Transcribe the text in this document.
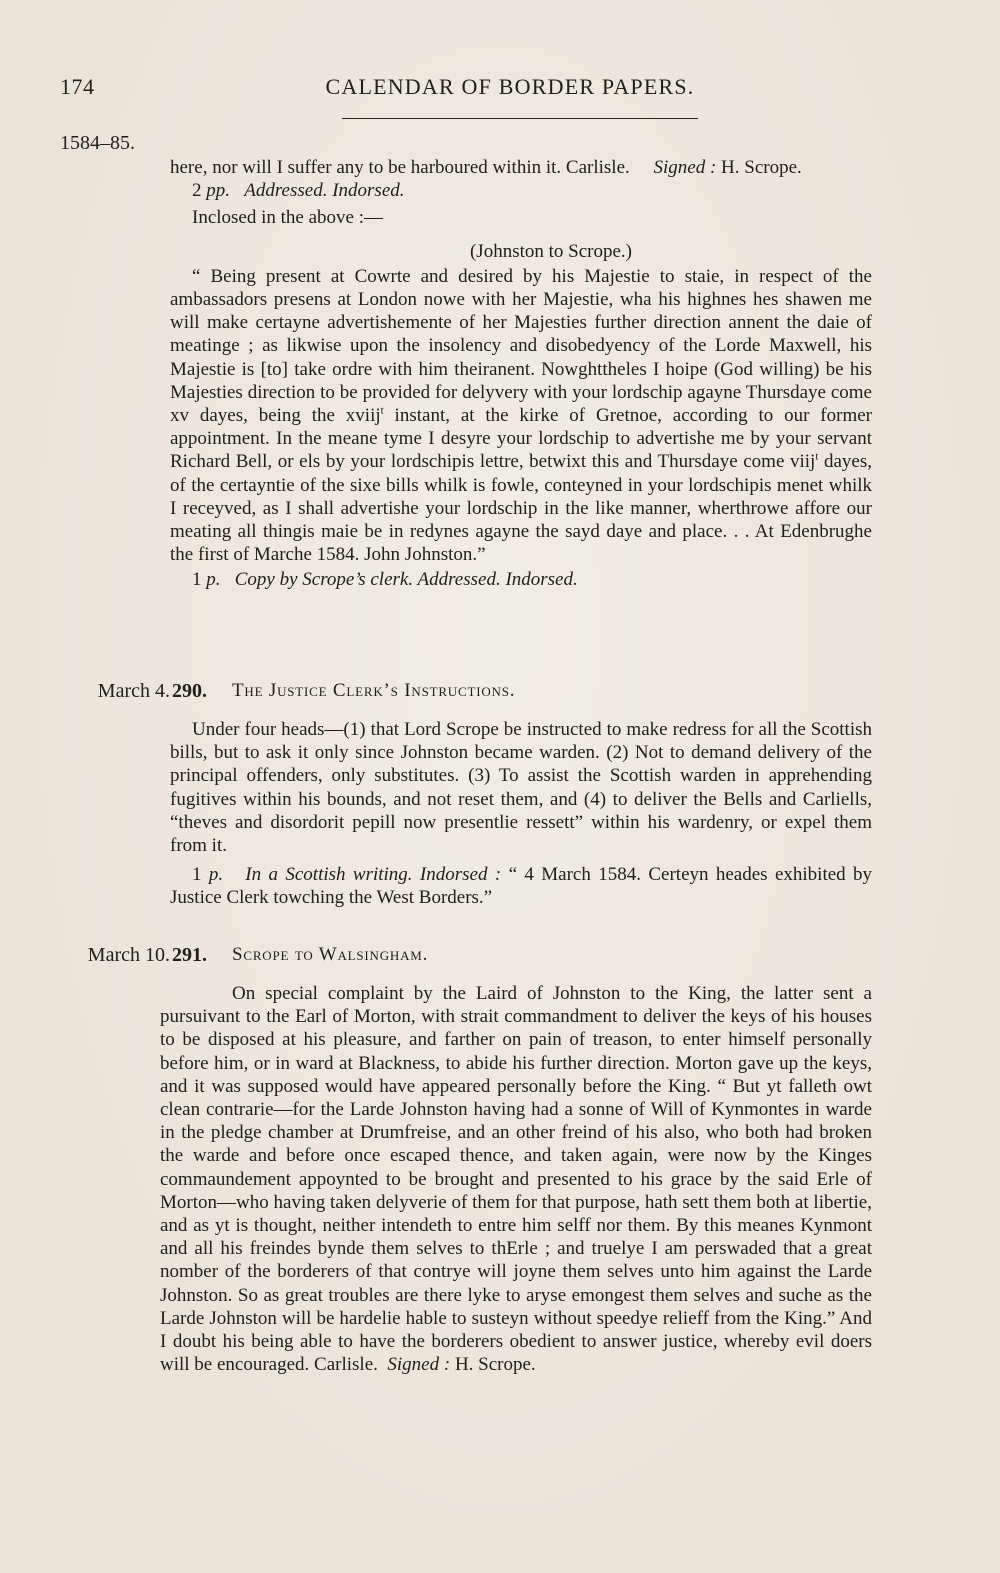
174	CALENDAR OF BORDER PAPERS.
1584–85.

here, nor will I suffer any to be harboured within it. Carlisle. Signed : H. Scrope.

2 pp. Addressed. Indorsed.

Inclosed in the above :—

(Johnston to Scrope.)

“ Being present at Cowrte and desired by his Majestie to staie, in respect of the ambassadors presens at London nowe with her Majestie, wha his highnes hes shawen me will make certayne advertishemente of her Majesties further direction annent the daie of meatinge ; as likwise upon the insolency and disobedyency of the Lorde Maxwell, his Majestie is [to] take ordre with him theiranent. Nowghttheles I hoipe (God willing) be his Majesties direction to be provided for delyvery with your lordschip agayne Thursdaye come xv dayes, being the xviij$^t$ instant, at the kirke of Gretnoe, according to our former appointment. In the meane tyme I desyre your lordschip to advertishe me by your servant Richard Bell, or els by your lordschipis lettre, betwixt this and Thursdaye come viij$^t$ dayes, of the certayntie of the sixe bills whilk is fowle, conteyned in your lordschipis menet whilk I receyved, as I shall advertishe your lordschip in the like manner, wherthrowe affore our meating all thingis maie be in redynes agayne the sayd daye and place. . . At Edenbrughe the first of Marche 1584. John Johnston.”

1 p. Copy by Scrope’s clerk. Addressed. Indorsed.

March 4. 290. The Justice Clerk’s Instructions.

Under four heads—(1) that Lord Scrope be instructed to make redress for all the Scottish bills, but to ask it only since Johnston became warden. (2) Not to demand delivery of the principal offenders, only substitutes. (3) To assist the Scottish warden in apprehending fugitives within his bounds, and not reset them, and (4) to deliver the Bells and Carliells, “theves and disordorit pepill now presentlie ressett” within his wardenry, or expel them from it.

1 p. In a Scottish writing. Indorsed : “ 4 March 1584. Certeyn heades exhibited by Justice Clerk towching the West Borders.”

March 10. 291. Scrope to Walsingham.

On special complaint by the Laird of Johnston to the King, the latter sent a pursuivant to the Earl of Morton, with strait commandment to deliver the keys of his houses to be disposed at his pleasure, and farther on pain of treason, to enter himself personally before him, or in ward at Blackness, to abide his further direction. Morton gave up the keys, and it was supposed would have appeared personally before the King. “ But yt falleth owt clean contrarie—for the Larde Johnston having had a sonne of Will of Kynmontes in warde in the pledge chamber at Drumfreise, and an other freind of his also, who both had broken the warde and before once escaped thence, and taken again, were now by the Kinges commaundement appoynted to be brought and presented to his grace by the said Erle of Morton—who having taken delyverie of them for that purpose, hath sett them both at libertie, and as yt is thought, neither intendeth to entre him selff nor them. By this meanes Kynmont and all his freindes bynde them selves to thErle ; and truelye I am perswaded that a great nomber of the borderers of that contrye will joyne them selves unto him against the Larde Johnston. So as great troubles are there lyke to aryse emongest them selves and suche as the Larde Johnston will be hardelie hable to susteyn without speedye relieff from the King.” And I doubt his being able to have the borderers obedient to answer justice, whereby evil doers will be encouraged. Carlisle. Signed : H. Scrope.
